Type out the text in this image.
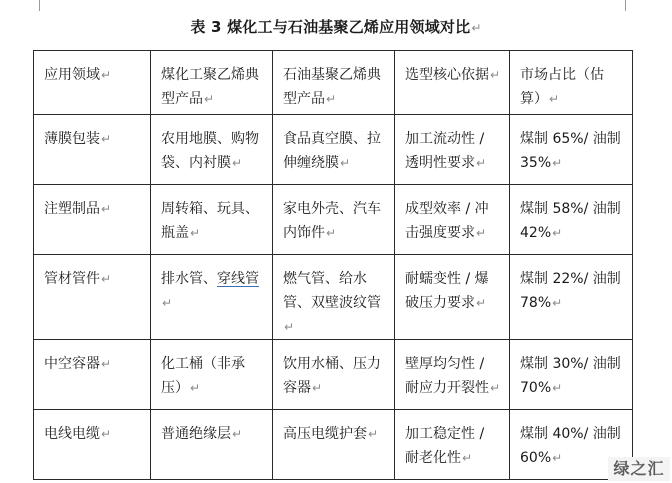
表 3 煤化工与石油基聚乙烯应用领域对比↵
应用领域↵	煤化工聚乙烯典型产品↵	石油基聚乙烯典型产品↵	选型核心依据↵	市场占比（估算）↵
薄膜包装↵	农用地膜、购物袋、内衬膜↵	食品真空膜、拉伸缠绕膜↵	加工流动性 / 透明性要求↵	煤制 65%/ 油制 35%↵
注塑制品↵	周转箱、玩具、瓶盖↵	家电外壳、汽车内饰件↵	成型效率 / 冲击强度要求↵	煤制 58%/ 油制 42%↵
管材管件↵	排水管、穿线管↵	燃气管、给水管、双壁波纹管↵	耐蠕变性 / 爆破压力要求↵	煤制 22%/ 油制 78%↵
中空容器↵	化工桶（非承压）↵	饮用水桶、压力容器↵	壁厚均匀性 / 耐应力开裂性↵	煤制 30%/ 油制 70%↵
电线电缆↵	普通绝缘层↵	高压电缆护套↵	加工稳定性 / 耐老化性↵	煤制 40%/ 油制 60%↵
绿之汇
